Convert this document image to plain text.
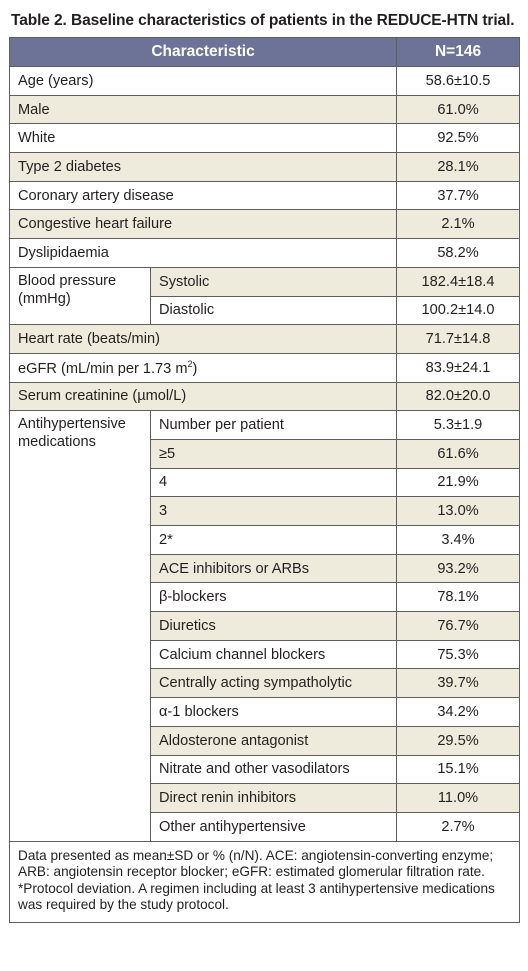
Table 2. Baseline characteristics of patients in the REDUCE-HTN trial.
Characteristic		N=146
Age (years)		58.6±10.5
Male		61.0%
White		92.5%
Type 2 diabetes		28.1%
Coronary artery disease		37.7%
Congestive heart failure		2.1%
Dyslipidaemia		58.2%
Blood pressure (mmHg)	Systolic	182.4±18.4
	Diastolic	100.2±14.0
Heart rate (beats/min)		71.7±14.8
eGFR (mL/min per 1.73 $m^2$)		83.9±24.1
Serum creatinine (µmol/L)		82.0±20.0
Antihypertensive medications	Number per patient	5.3±1.9
	≥5	61.6%
	4	21.9%
	3	13.0%
	2*	3.4%
	ACE inhibitors or ARBs	93.2%
	β-blockers	78.1%
	Diuretics	76.7%
	Calcium channel blockers	75.3%
	Centrally acting sympatholytic	39.7%
	α-1 blockers	34.2%
	Aldosterone antagonist	29.5%
	Nitrate and other vasodilators	15.1%
	Direct renin inhibitors	11.0%
	Other antihypertensive	2.7%
Data presented as mean±SD or % (n/N). ACE: angiotensin-converting enzyme; ARB: angiotensin receptor blocker; eGFR: estimated glomerular filtration rate. *Protocol deviation. A regimen including at least 3 antihypertensive medications was required by the study protocol.		
